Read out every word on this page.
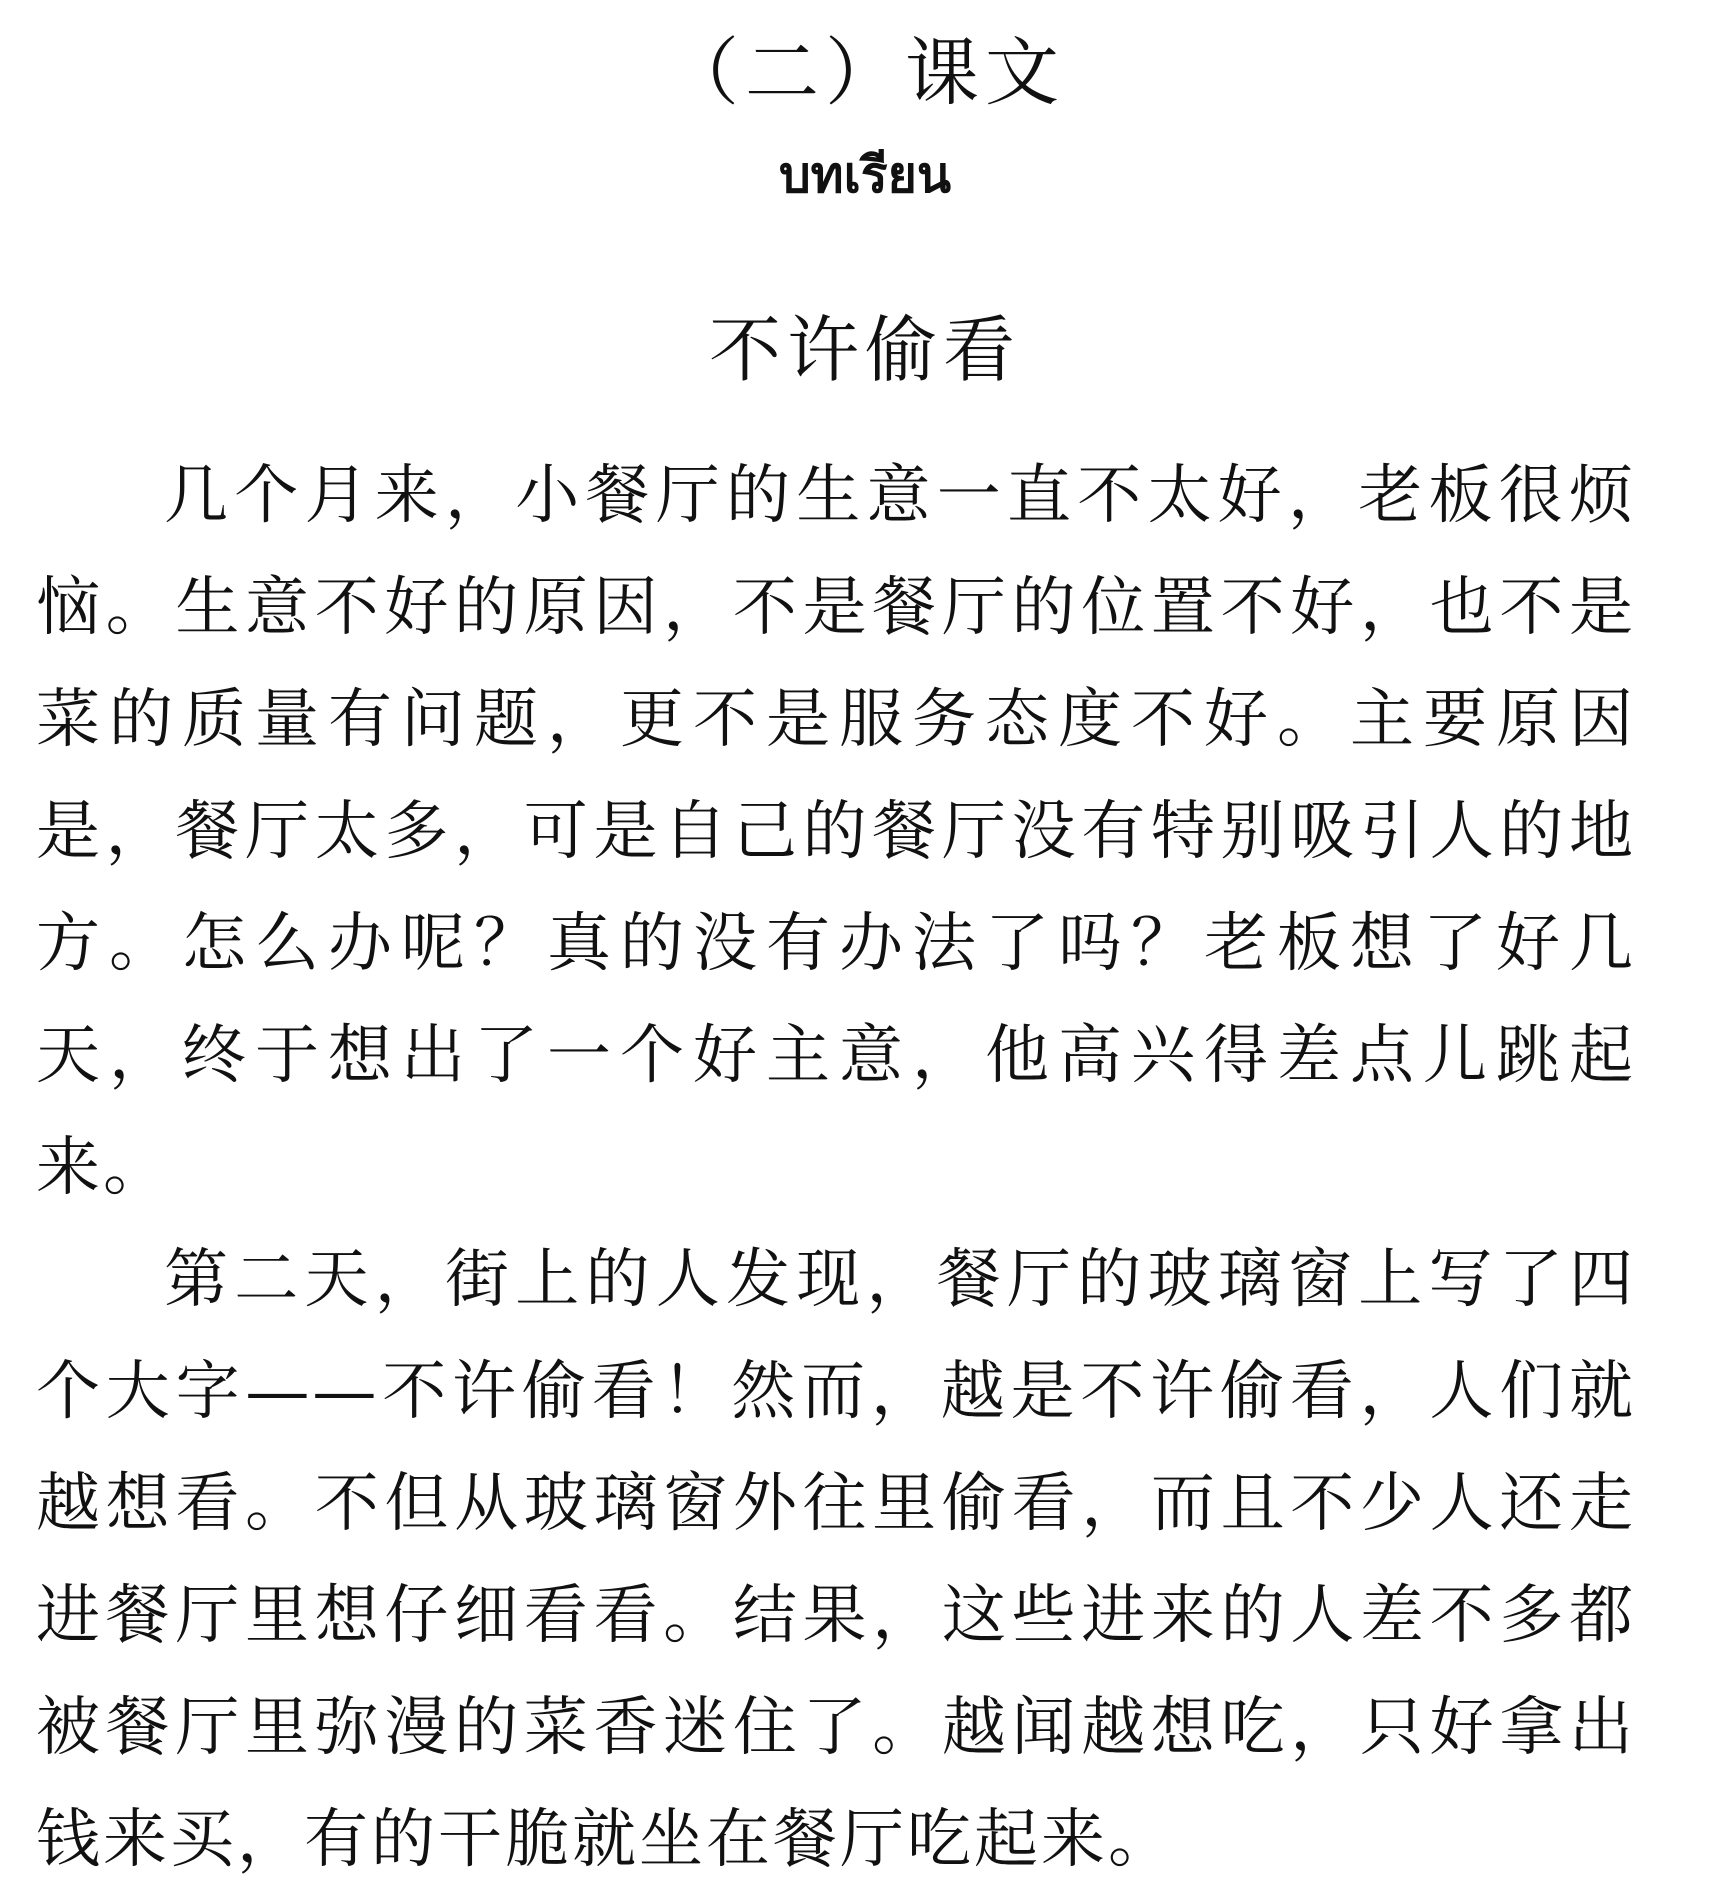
（二）课文
บทเรียน
不许偷看

几个月来，小餐厅的生意一直不太好，老板很烦恼。生意不好的原因，不是餐厅的位置不好，也不是菜的质量有问题，更不是服务态度不好。主要原因是，餐厅太多，可是自己的餐厅没有特别吸引人的地方。怎么办呢？真的没有办法了吗？老板想了好几天，终于想出了一个好主意，他高兴得差点儿跳起来。

第二天，街上的人发现，餐厅的玻璃窗上写了四个大字——不许偷看！然而，越是不许偷看，人们就越想看。不但从玻璃窗外往里偷看，而且不少人还走进餐厅里想仔细看看。结果，这些进来的人差不多都被餐厅里弥漫的菜香迷住了。越闻越想吃，只好拿出钱来买，有的干脆就坐在餐厅吃起来。
